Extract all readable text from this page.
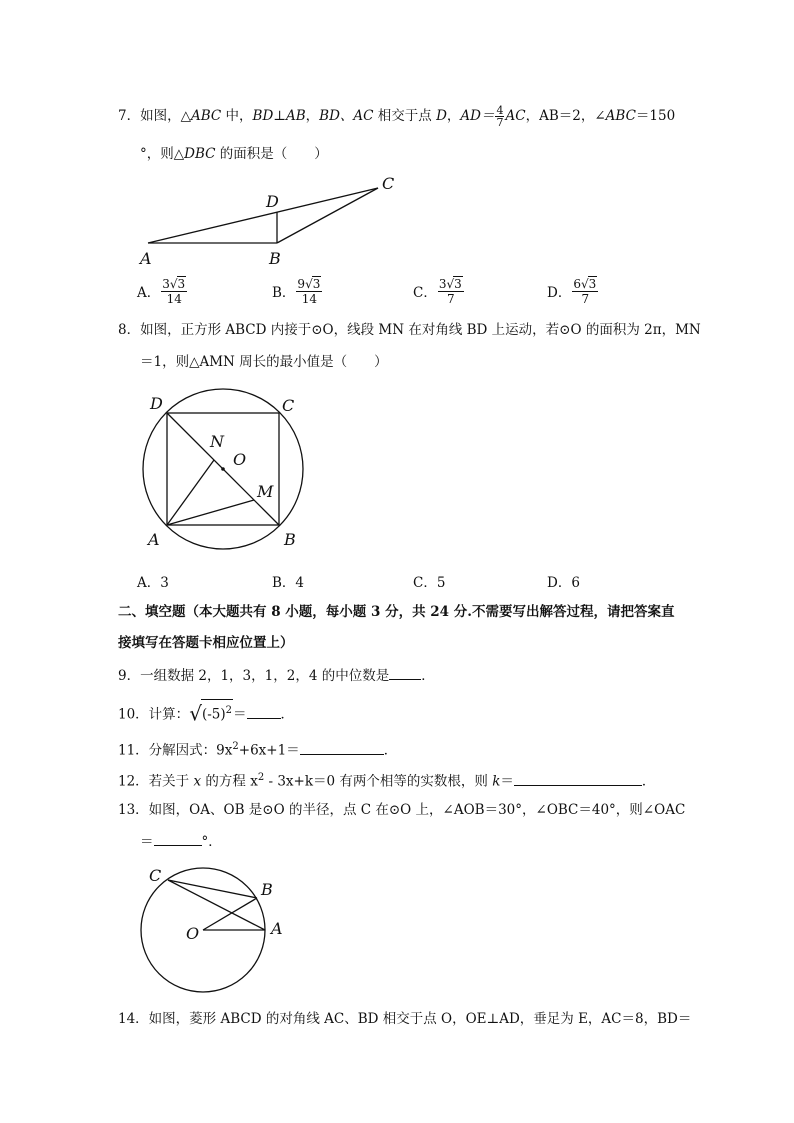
7．如图，△ABC 中，BD⊥AB，BD、AC 相交于点 D，$AD= \frac{4}{7}$ AC，AB＝2，∠ABC＝150
°，则△DBC 的面积是（　　）
A	B
C
D
A． $\frac{3√3}{14}$	B． $\frac{9√3}{14}$	C． $\frac{3√3}{7}$	D． $\frac{6√3}{7}$
8．如图，正方形 ABCD 内接于⊙O，线段 MN 在对角线 BD 上运动，若⊙O 的面积为 2π，MN
＝1，则△AMN 周长的最小值是（　　）
D	C
N
O
M
A	B
A．3	B．4	C．5	D．6
二、填空题（本大题共有 8 小题，每小题 3 分，共 24 分.不需要写出解答过程，请把答案直
接填写在答题卡相应位置上）
9．一组数据 2，1，3，1，2，4 的中位数是 ．
10．计算：$√(-5)^2=$	．
11．分解因式：$9x^2+6x+1=$	．
12．若关于 x 的方程 $x^2 - 3x+k=0$ 有两个相等的实数根，则 k＝	．
13．如图，OA、OB 是⊙O 的半径，点 C 在⊙O 上，∠AOB＝30°，∠OBC＝40°，则∠OAC
＝	°．
C
B
O	A
14．如图，菱形 ABCD 的对角线 AC、BD 相交于点 O，OE⊥AD，垂足为 E，AC＝8，BD＝
